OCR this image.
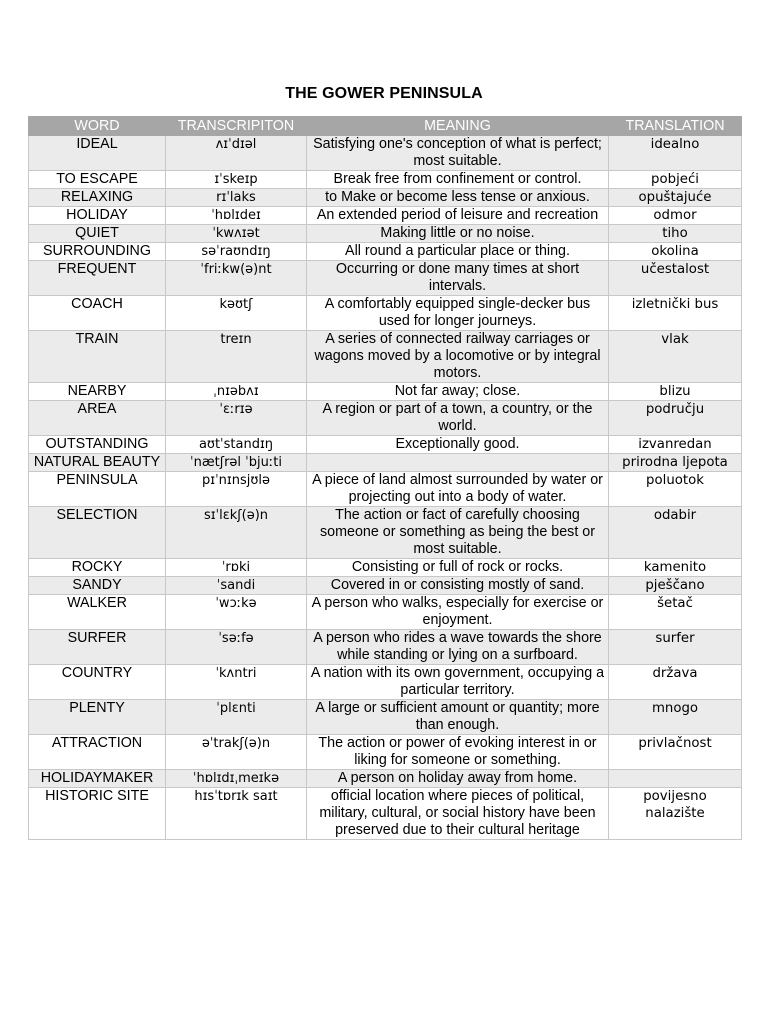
THE GOWER PENINSULA
WORD	TRANSCRIPITON	MEANING	TRANSLATION
IDEAL	ʌɪˈdɪəl	Satisfying one's conception of what is perfect; most suitable.	idealno
TO ESCAPE	ɪˈskeɪp	Break free from confinement or control.	pobjeći
RELAXING	rɪˈlaks	to Make or become less tense or anxious.	opuštajuće
HOLIDAY	ˈhɒlɪdeɪ	An extended period of leisure and recreation	odmor
QUIET	ˈkwʌɪət	Making little or no noise.	tiho
SURROUNDING	səˈraʊndɪŋ	All round a particular place or thing.	okolina
FREQUENT	ˈfriːkw(ə)nt	Occurring or done many times at short intervals.	učestalost
COACH	kəʊtʃ	A comfortably equipped single-decker bus used for longer journeys.	izletnički bus
TRAIN	treɪn	A series of connected railway carriages or wagons moved by a locomotive or by integral motors.	vlak
NEARBY	ˌnɪəbʌɪ	Not far away; close.	blizu
AREA	ˈɛːrɪə	A region or part of a town, a country, or the world.	području
OUTSTANDING	aʊtˈstandɪŋ	Exceptionally good.	izvanredan
NATURAL BEAUTY	ˈnætʃrəl ˈbjuːti		prirodna ljepota
PENINSULA	pɪˈnɪnsjʊlə	A piece of land almost surrounded by water or projecting out into a body of water.	poluotok
SELECTION	sɪˈlɛkʃ(ə)n	The action or fact of carefully choosing someone or something as being the best or most suitable.	odabir
ROCKY	ˈrɒki	Consisting or full of rock or rocks.	kamenito
SANDY	ˈsandi	Covered in or consisting mostly of sand.	pješčano
WALKER	ˈwɔːkə	A person who walks, especially for exercise or enjoyment.	šetač
SURFER	ˈsəːfə	A person who rides a wave towards the shore while standing or lying on a surfboard.	surfer
COUNTRY	ˈkʌntri	A nation with its own government, occupying a particular territory.	država
PLENTY	ˈplɛnti	A large or sufficient amount or quantity; more than enough.	mnogo
ATTRACTION	əˈtrakʃ(ə)n	The action or power of evoking interest in or liking for someone or something.	privlačnost
HOLIDAYMAKER	ˈhɒlɪdɪˌmeɪkə	A person on holiday away from home.	
HISTORIC SITE	hɪsˈtɒrɪk saɪt	official location where pieces of political, military, cultural, or social history have been preserved due to their cultural heritage	povijesno nalazište
